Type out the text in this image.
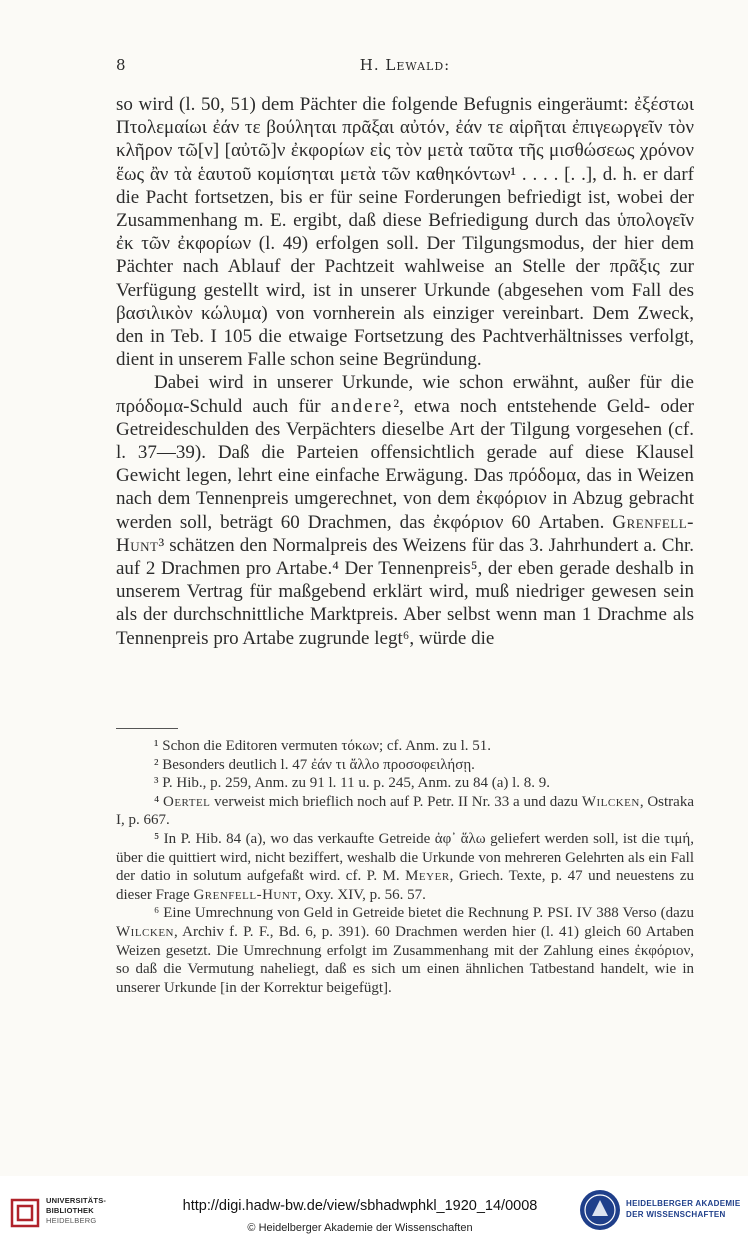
8	H. Lewald:

so wird (l. 50, 51) dem Pächter die folgende Befugnis eingeräumt: ἐξέστωι Πτολεμαίωι ἐάν τε βούληται πρᾶξαι αὐτόν, ἐάν τε αἱρῆται ἐπιγεωργεῖν τὸν κλῆρον τῶ[ν] [αὐτῶ]ν ἐκφορίων εἰς τὸν μετὰ ταῦτα τῆς μισθώσεως χρόνον ἕως ἂν τὰ ἑαυτοῦ κομίσηται μετὰ τῶν καθηκόντων¹ . . . . [. .], d. h. er darf die Pacht fortsetzen, bis er für seine Forderungen befriedigt ist, wobei der Zusammenhang m. E. ergibt, daß diese Befriedigung durch das ὑπολογεῖν ἐκ τῶν ἐκφορίων (l. 49) erfolgen soll. Der Tilgungsmodus, der hier dem Pächter nach Ablauf der Pachtzeit wahlweise an Stelle der πρᾶξις zur Verfügung gestellt wird, ist in unserer Urkunde (abgesehen vom Fall des βασιλικὸν κώλυμα) von vornherein als einziger vereinbart. Dem Zweck, den in Teb. I 105 die etwaige Fortsetzung des Pachtverhältnisses verfolgt, dient in unserem Falle schon seine Begründung.

Dabei wird in unserer Urkunde, wie schon erwähnt, außer für die πρόδομα-Schuld auch für andere², etwa noch entstehende Geld- oder Getreideschulden des Verpächters dieselbe Art der Tilgung vorgesehen (cf. l. 37—39). Daß die Parteien offensichtlich gerade auf diese Klausel Gewicht legen, lehrt eine einfache Erwägung. Das πρόδομα, das in Weizen nach dem Tennenpreis umgerechnet, von dem ἐκφόριον in Abzug gebracht werden soll, beträgt 60 Drachmen, das ἐκφόριον 60 Artaben. Grenfell-Hunt³ schätzen den Normalpreis des Weizens für das 3. Jahrhundert a. Chr. auf 2 Drachmen pro Artabe.⁴ Der Tennenpreis⁵, der eben gerade deshalb in unserem Vertrag für maßgebend erklärt wird, muß niedriger gewesen sein als der durchschnittliche Marktpreis. Aber selbst wenn man 1 Drachme als Tennenpreis pro Artabe zugrunde legt⁶, würde die

¹ Schon die Editoren vermuten τόκων; cf. Anm. zu l. 51.

² Besonders deutlich l. 47 ἐάν τι ἄλλο προσοφειλήσῃ.

³ P. Hib., p. 259, Anm. zu 91 l. 11 u. p. 245, Anm. zu 84 (a) l. 8. 9.

⁴ Oertel verweist mich brieflich noch auf P. Petr. II Nr. 33 a und dazu Wilcken, Ostraka I, p. 667.

⁵ In P. Hib. 84 (a), wo das verkaufte Getreide ἀφ᾿ ἅλω geliefert werden soll, ist die τιμή, über die quittiert wird, nicht beziffert, weshalb die Urkunde von mehreren Gelehrten als ein Fall der datio in solutum aufgefaßt wird. cf. P. M. Meyer, Griech. Texte, p. 47 und neuestens zu dieser Frage Grenfell-Hunt, Oxy. XIV, p. 56. 57.

⁶ Eine Umrechnung von Geld in Getreide bietet die Rechnung P. PSI. IV 388 Verso (dazu Wilcken, Archiv f. P. F., Bd. 6, p. 391). 60 Drachmen werden hier (l. 41) gleich 60 Artaben Weizen gesetzt. Die Umrechnung erfolgt im Zusammenhang mit der Zahlung eines ἐκφόριον, so daß die Vermutung naheliegt, daß es sich um einen ähnlichen Tatbestand handelt, wie in unserer Urkunde [in der Korrektur beigefügt].

UNIVERSITÄTS-
BIBLIOTHEK
HEIDELBERG
http://digi.hadw-bw.de/view/sbhadwphkl_1920_14/0008
© Heidelberger Akademie der Wissenschaften
HEIDELBERGER AKADEMIE
DER WISSENSCHAFTEN
